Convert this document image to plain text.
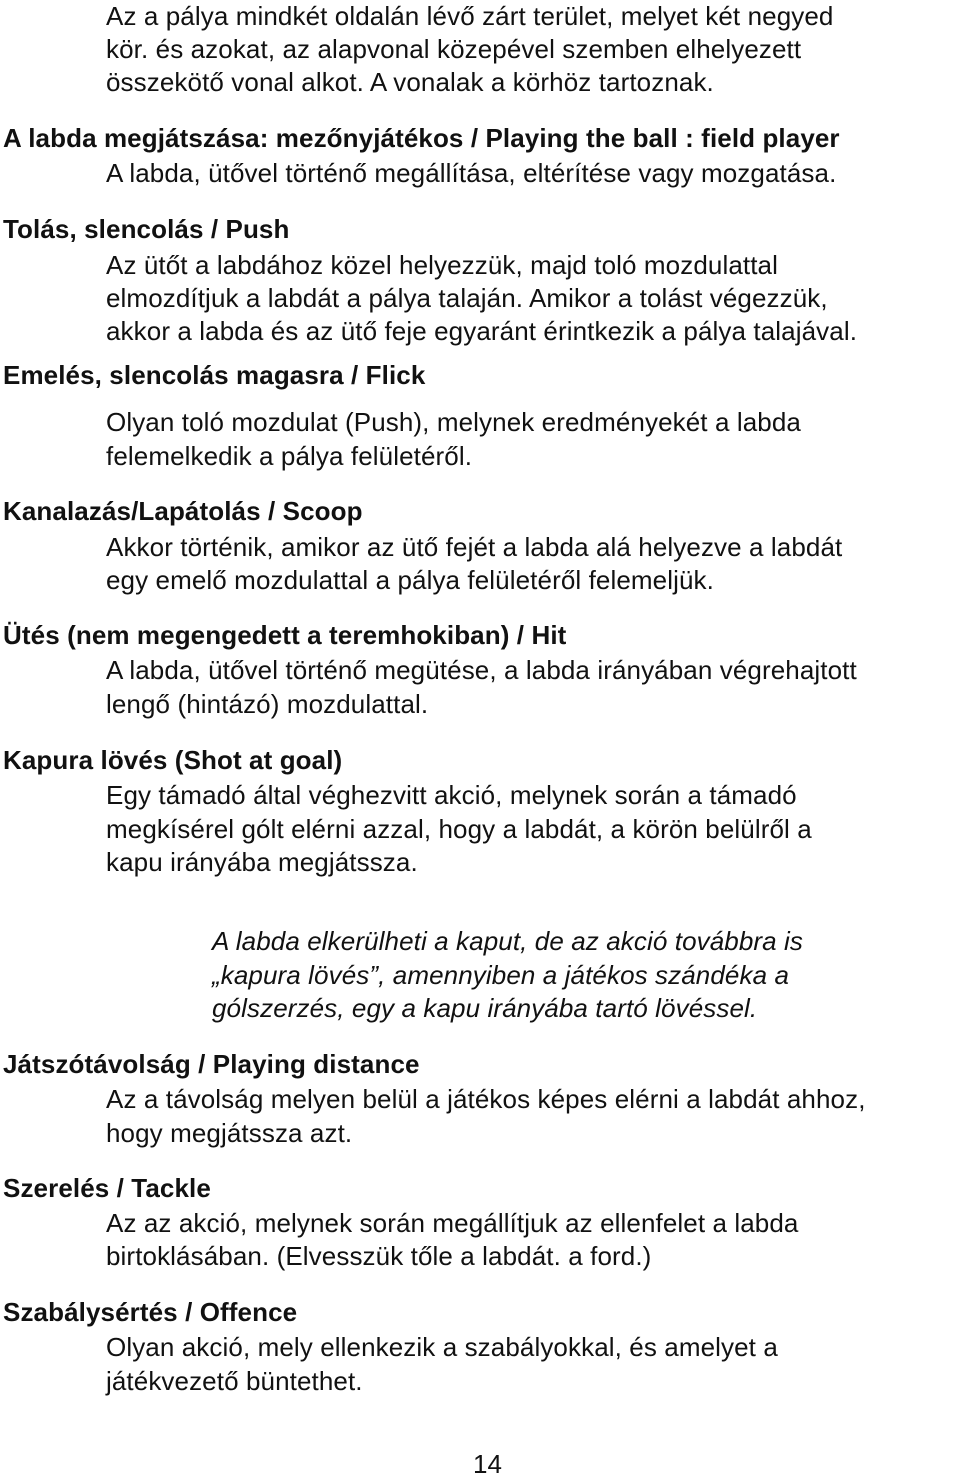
Az a pálya mindkét oldalán lévő zárt terület, melyet két negyed
kör. és azokat, az alapvonal közepével szemben elhelyezett
összekötő vonal alkot. A vonalak a körhöz tartoznak.
A labda megjátszása: mezőnyjátékos / Playing the ball : field player
A labda, ütővel történő megállítása, eltérítése vagy mozgatása.
Tolás, slencolás / Push
Az ütőt a labdához közel helyezzük, majd toló mozdulattal
elmozdítjuk a labdát a pálya talaján. Amikor a tolást végezzük,
akkor a labda és az ütő feje egyaránt érintkezik a pálya talajával.
Emelés, slencolás magasra / Flick
Olyan toló mozdulat (Push), melynek eredményekét a labda
felemelkedik a pálya felületéről.
Kanalazás/Lapátolás / Scoop
Akkor történik, amikor az ütő fejét a labda alá helyezve a labdát
egy emelő mozdulattal a pálya felületéről felemeljük.
Ütés (nem megengedett a teremhokiban) / Hit
A labda, ütővel történő megütése, a labda irányában végrehajtott
lengő (hintázó) mozdulattal.
Kapura lövés (Shot at goal)
Egy támadó által véghezvitt akció, melynek során a támadó
megkísérel gólt elérni azzal, hogy a labdát, a körön belülről a
kapu irányába megjátssza.
A labda elkerülheti a kaput, de az akció továbbra is
„kapura lövés”, amennyiben a játékos szándéka a
gólszerzés, egy a kapu irányába tartó lövéssel.
Játszótávolság / Playing distance
Az a távolság melyen belül a játékos képes elérni a labdát ahhoz,
hogy megjátssza azt.
Szerelés / Tackle
Az az akció, melynek során megállítjuk az ellenfelet a labda
birtoklásában. (Elvesszük tőle a labdát. a ford.)
Szabálysértés / Offence
Olyan akció, mely ellenkezik a szabályokkal, és amelyet a
játékvezető büntethet.
14
